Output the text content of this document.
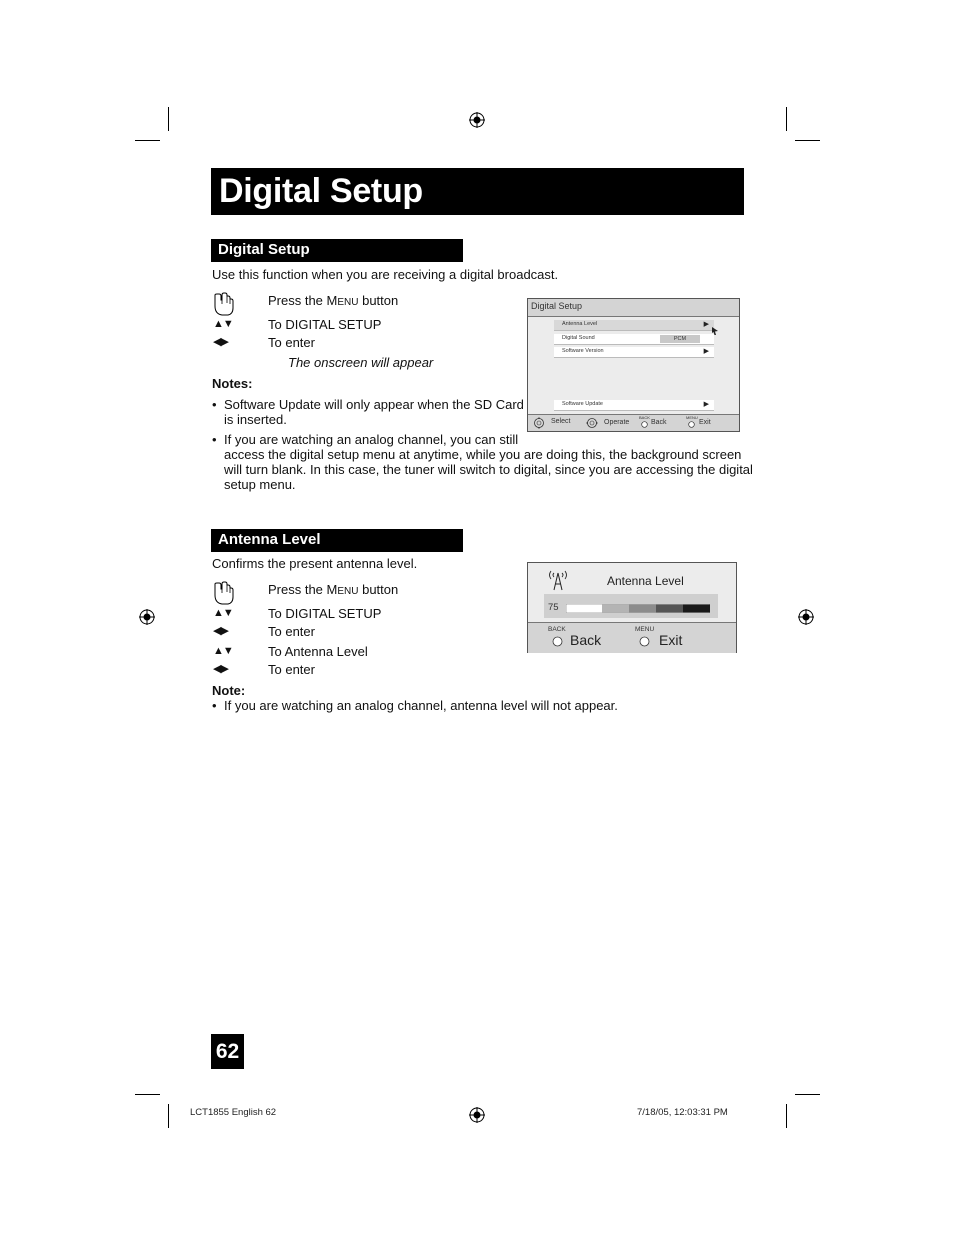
Digital Setup
Digital Setup
Use this function when you are receiving a digital broadcast.
Press the MENU button
▲▼	To DIGITAL SETUP
◀▶	To enter
The onscreen will appear
Notes:
• Software Update will only appear when the SD Card
is inserted.
• If you are watching an analog channel, you can still
access the digital setup menu at anytime, while you are doing this, the background screen
will turn blank. In this case, the tuner will switch to digital, since you are accessing the digital
setup menu.
Digital Setup
Antenna Level	▶
Digital Sound	PCM
Software Version	▶
Software Update	▶
Select	Operate
BACK
Back
MENU
Exit
Antenna Level
Confirms the present antenna level.
Press the MENU button
▲▼	To DIGITAL SETUP
◀▶	To enter
▲▼	To Antenna Level
◀▶	To enter
Note:
• If you are watching an analog channel, antenna level will not appear.
Antenna Level
75
BACK
Back
MENU
Exit
62
LCT1855 English 62	7/18/05, 12:03:31 PM
